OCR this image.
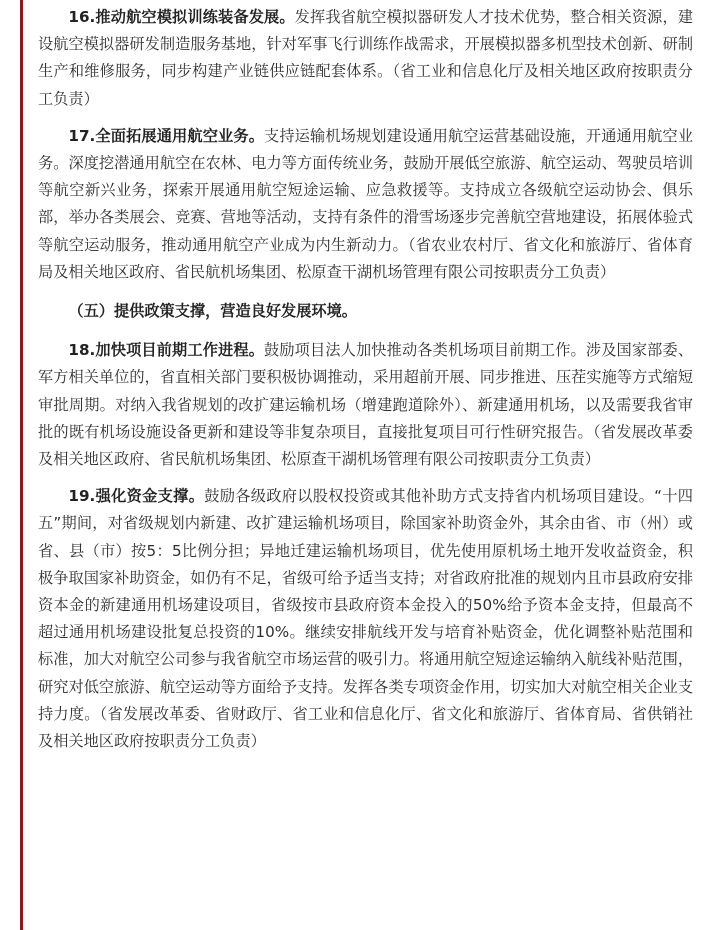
16.推动航空模拟训练装备发展。发挥我省航空模拟器研发人才技术优势，整合相关资源，建设航空模拟器研发制造服务基地，针对军事飞行训练作战需求，开展模拟器多机型技术创新、研制生产和维修服务，同步构建产业链供应链配套体系。（省工业和信息化厅及相关地区政府按职责分工负责）

17.全面拓展通用航空业务。支持运输机场规划建设通用航空运营基础设施，开通通用航空业务。深度挖潜通用航空在农林、电力等方面传统业务，鼓励开展低空旅游、航空运动、驾驶员培训等航空新兴业务，探索开展通用航空短途运输、应急救援等。支持成立各级航空运动协会、俱乐部，举办各类展会、竞赛、营地等活动，支持有条件的滑雪场逐步完善航空营地建设，拓展体验式等航空运动服务，推动通用航空产业成为内生新动力。（省农业农村厅、省文化和旅游厅、省体育局及相关地区政府、省民航机场集团、松原查干湖机场管理有限公司按职责分工负责）

（五）提供政策支撑，营造良好发展环境。

18.加快项目前期工作进程。鼓励项目法人加快推动各类机场项目前期工作。涉及国家部委、军方相关单位的，省直相关部门要积极协调推动，采用超前开展、同步推进、压茬实施等方式缩短审批周期。对纳入我省规划的改扩建运输机场（增建跑道除外）、新建通用机场，以及需要我省审批的既有机场设施设备更新和建设等非复杂项目，直接批复项目可行性研究报告。（省发展改革委及相关地区政府、省民航机场集团、松原查干湖机场管理有限公司按职责分工负责）

19.强化资金支撑。鼓励各级政府以股权投资或其他补助方式支持省内机场项目建设。“十四五”期间，对省级规划内新建、改扩建运输机场项目，除国家补助资金外，其余由省、市（州）或省、县（市）按5：5比例分担；异地迁建运输机场项目，优先使用原机场土地开发收益资金，积极争取国家补助资金，如仍有不足，省级可给予适当支持；对省政府批准的规划内且市县政府安排资本金的新建通用机场建设项目，省级按市县政府资本金投入的50%给予资本金支持，但最高不超过通用机场建设批复总投资的10%。继续安排航线开发与培育补贴资金，优化调整补贴范围和标准，加大对航空公司参与我省航空市场运营的吸引力。将通用航空短途运输纳入航线补贴范围，研究对低空旅游、航空运动等方面给予支持。发挥各类专项资金作用，切实加大对航空相关企业支持力度。（省发展改革委、省财政厅、省工业和信息化厅、省文化和旅游厅、省体育局、省供销社及相关地区政府按职责分工负责）
